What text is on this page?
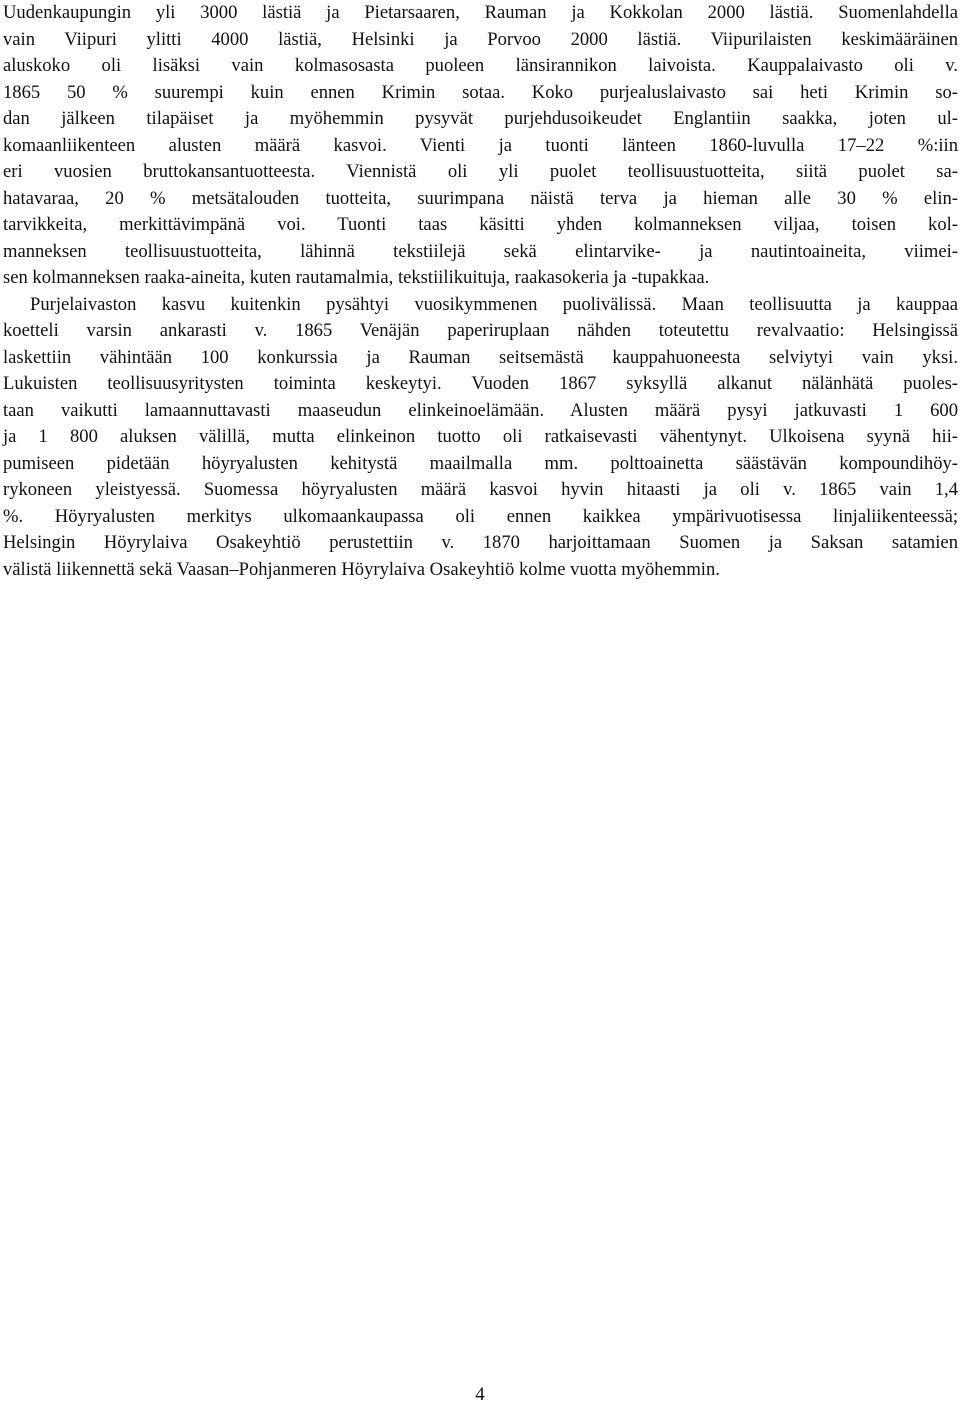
Uudenkaupungin yli 3000 lästiä ja Pietarsaaren, Rauman ja Kokkolan 2000 lästiä. Suomenlahdella
vain Viipuri ylitti 4000 lästiä, Helsinki ja Porvoo 2000 lästiä. Viipurilaisten keskimääräinen
aluskoko oli lisäksi vain kolmasosasta puoleen länsirannikon laivoista. Kauppalaivasto oli v.
1865 50 % suurempi kuin ennen Krimin sotaa. Koko purjealuslaivasto sai heti Krimin so-
dan jälkeen tilapäiset ja myöhemmin pysyvät purjehdusoikeudet Englantiin saakka, joten ul-
komaanliikenteen alusten määrä kasvoi. Vienti ja tuonti länteen 1860-luvulla 17–22 %:iin
eri vuosien bruttokansantuotteesta. Viennistä oli yli puolet teollisuustuotteita, siitä puolet sa-
hatavaraa, 20 % metsätalouden tuotteita, suurimpana näistä terva ja hieman alle 30 % elin-
tarvikkeita, merkittävimpänä voi. Tuonti taas käsitti yhden kolmanneksen viljaa, toisen kol-
manneksen teollisuustuotteita, lähinnä tekstiilejä sekä elintarvike- ja nautintoaineita, viimei-
sen kolmanneksen raaka-aineita, kuten rautamalmia, tekstiilikuituja, raakasokeria ja -tupakkaa.
Purjelaivaston kasvu kuitenkin pysähtyi vuosikymmenen puolivälissä. Maan teollisuutta ja kauppaa
koetteli varsin ankarasti v. 1865 Venäjän paperiruplaan nähden toteutettu revalvaatio: Helsingissä
laskettiin vähintään 100 konkurssia ja Rauman seitsemästä kauppahuoneesta selviytyi vain yksi.
Lukuisten teollisuusyritysten toiminta keskeytyi. Vuoden 1867 syksyllä alkanut nälänhätä puoles-
taan vaikutti lamaannuttavasti maaseudun elinkeinoelämään. Alusten määrä pysyi jatkuvasti 1 600
ja 1 800 aluksen välillä, mutta elinkeinon tuotto oli ratkaisevasti vähentynyt. Ulkoisena syynä hii-
pumiseen pidetään höyryalusten kehitystä maailmalla mm. polttoainetta säästävän kompoundihöy-
rykoneen yleistyessä. Suomessa höyryalusten määrä kasvoi hyvin hitaasti ja oli v. 1865 vain 1,4
%. Höyryalusten merkitys ulkomaankaupassa oli ennen kaikkea ympärivuotisessa linjaliikenteessä;
Helsingin Höyrylaiva Osakeyhtiö perustettiin v. 1870 harjoittamaan Suomen ja Saksan satamien
välistä liikennettä sekä Vaasan–Pohjanmeren Höyrylaiva Osakeyhtiö kolme vuotta myöhemmin.
4
